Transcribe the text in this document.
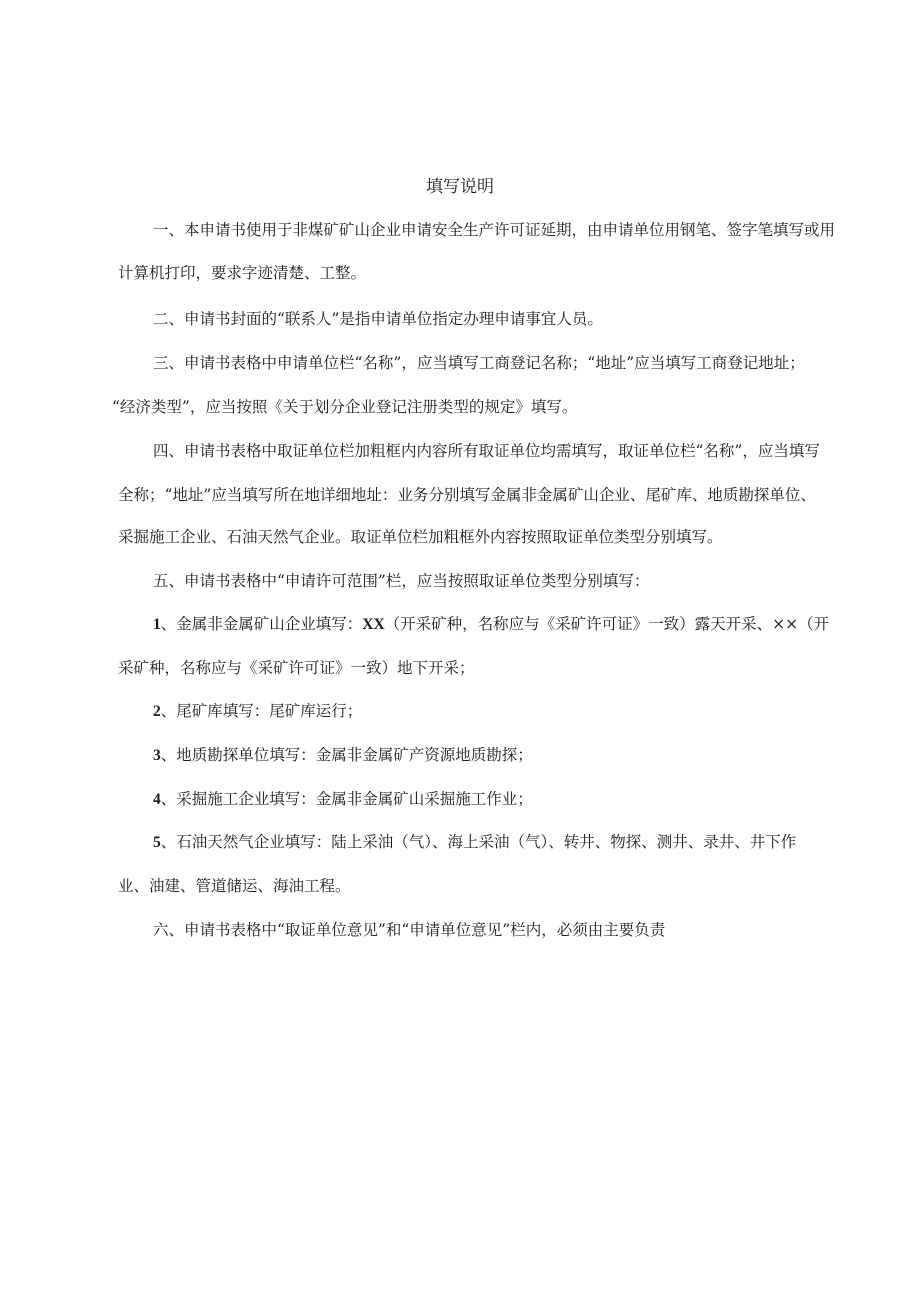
填写说明
一、本申请书使用于非煤矿矿山企业申请安全生产许可证延期，由申请单位用钢笔、签字笔填写或用
计算机打印，要求字迹清楚、工整。
二、申请书封面的“联系人”是指申请单位指定办理申请事宜人员。
三、申请书表格中申请单位栏“名称”，应当填写工商登记名称；“地址”应当填写工商登记地址；
“经济类型”，应当按照《关于划分企业登记注册类型的规定》填写。
四、申请书表格中取证单位栏加粗框内内容所有取证单位均需填写，取证单位栏“名称”，应当填写
全称；“地址”应当填写所在地详细地址：业务分别填写金属非金属矿山企业、尾矿库、地质勘探单位、
采掘施工企业、石油天然气企业。取证单位栏加粗框外内容按照取证单位类型分别填写。
五、申请书表格中“申请许可范围”栏，应当按照取证单位类型分别填写：
1、金属非金属矿山企业填写：XX（开采矿种，名称应与《采矿许可证》一致）露天开采、××（开
采矿种，名称应与《采矿许可证》一致）地下开采；
2、尾矿库填写：尾矿库运行；
3、地质勘探单位填写：金属非金属矿产资源地质勘探；
4、采掘施工企业填写：金属非金属矿山采掘施工作业；
5、石油天然气企业填写：陆上采油（气）、海上采油（气）、转井、物探、测井、录井、井下作
业、油建、管道储运、海油工程。
六、申请书表格中“取证单位意见”和“申请单位意见”栏内，必须由主要负责
